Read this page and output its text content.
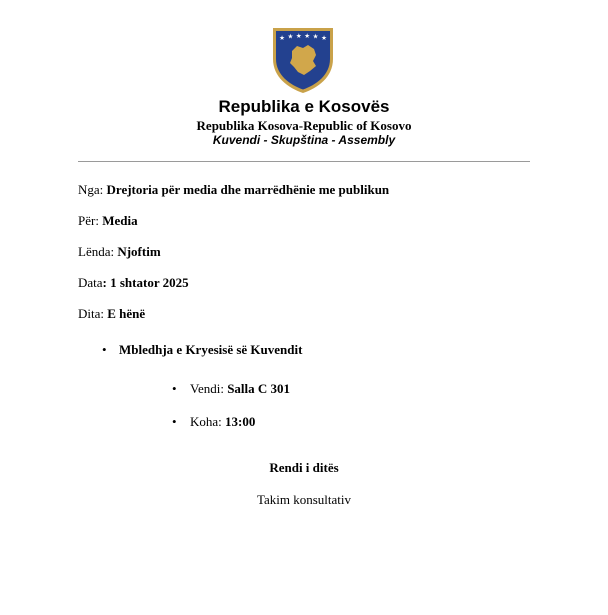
★ ★ ★ ★ ★ ★
Republika e Kosovës
Republika Kosova-Republic of Kosovo
Kuvendi - Skupština - Assembly
Nga: Drejtoria për media dhe marrëdhënie me publikun
Për: Media
Lënda: Njoftim
Data: 1 shtator 2025
Dita: E hënë
• Mbledhja e Kryesisë së Kuvendit
• Vendi: Salla C 301
• Koha: 13:00
Rendi i ditës
Takim konsultativ
